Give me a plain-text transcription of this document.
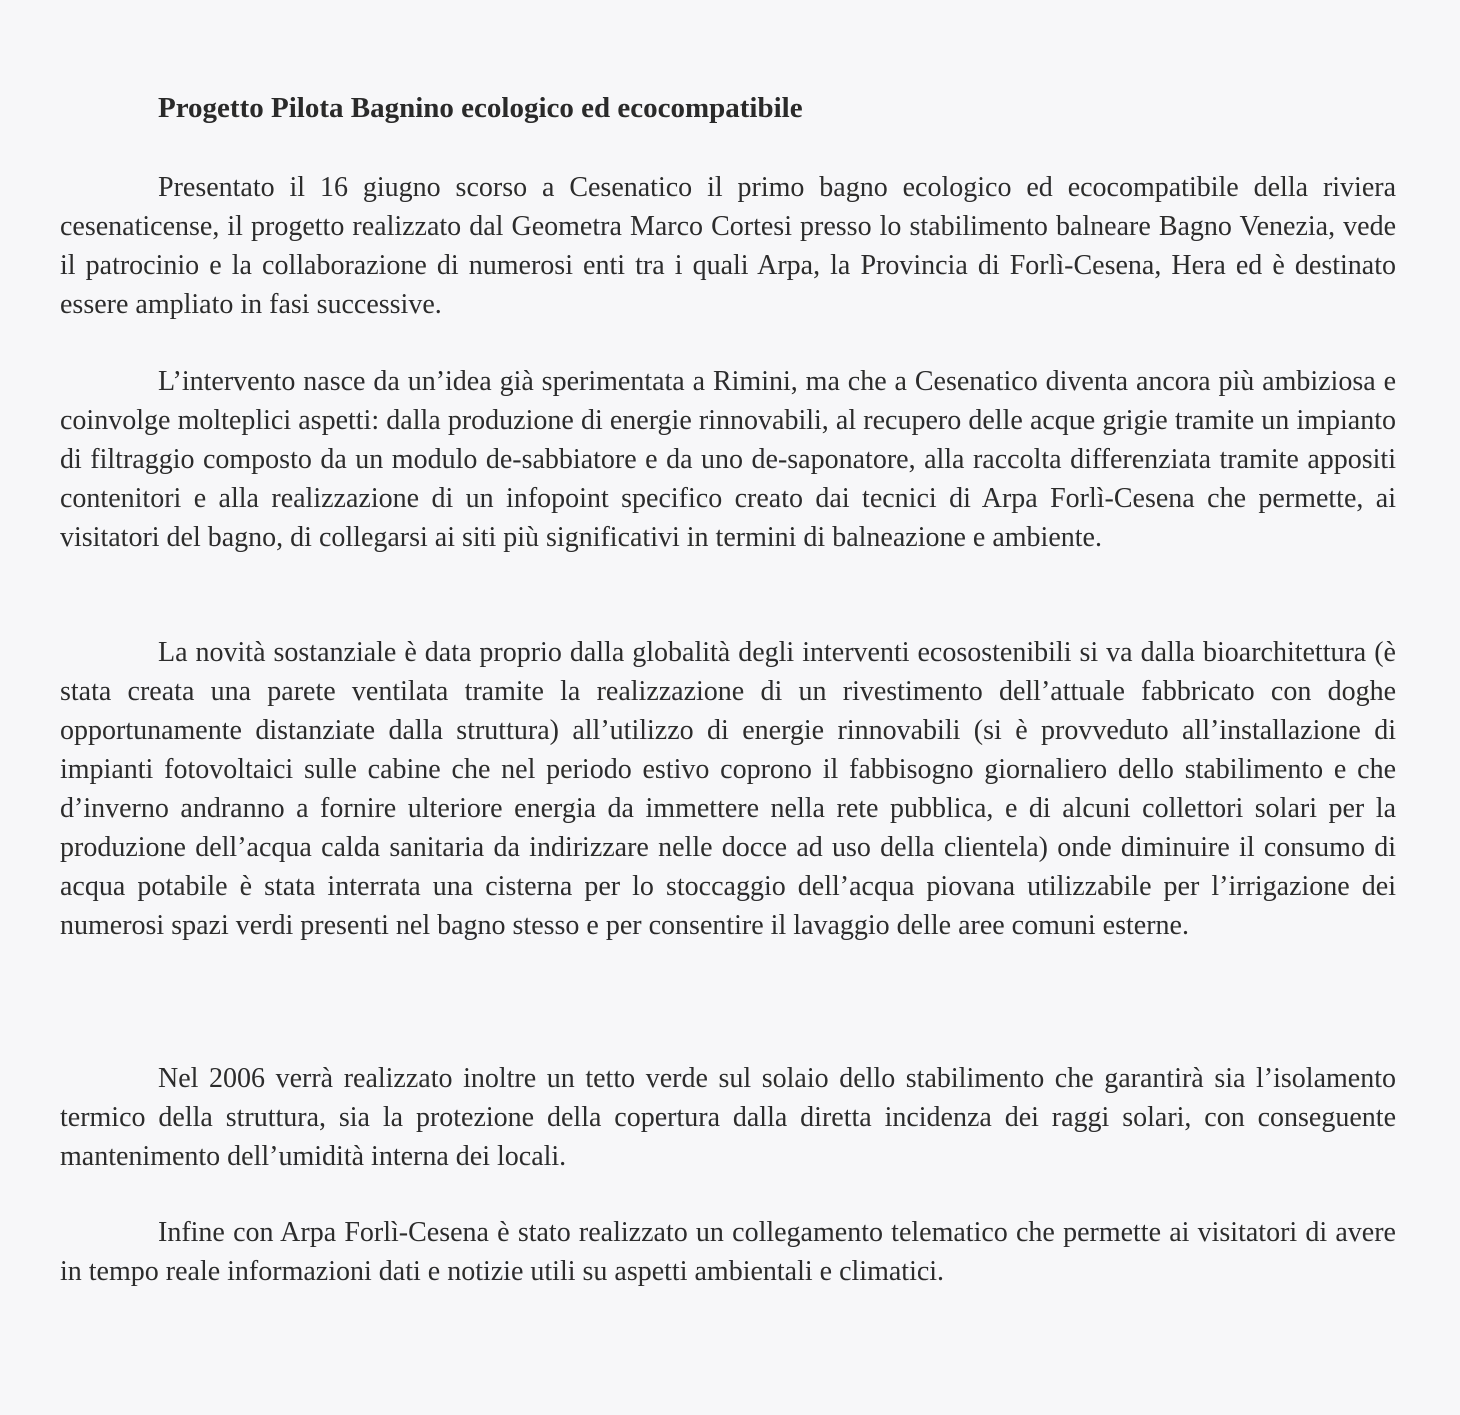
Progetto Pilota Bagnino ecologico ed ecocompatibile

Presentato il 16 giugno scorso a Cesenatico il primo bagno ecologico ed ecocompatibile della riviera cesenaticense, il progetto realizzato dal Geometra Marco Cortesi presso lo stabilimento balneare Bagno Venezia, vede il patrocinio e la collaborazione di numerosi enti tra i quali Arpa, la Provincia di Forlì-Cesena, Hera ed è destinato essere ampliato in fasi successive.

L’intervento nasce da un’idea già sperimentata a Rimini, ma che a Cesenatico diventa ancora più ambiziosa e coinvolge molteplici aspetti: dalla produzione di energie rinnovabili, al recupero delle acque grigie tramite un impianto di filtraggio composto da un modulo de-sabbiatore e da uno de-saponatore, alla raccolta differenziata tramite appositi contenitori e alla realizzazione di un infopoint specifico creato dai tecnici di Arpa Forlì-Cesena che permette, ai visitatori del bagno, di collegarsi ai siti più significativi in termini di balneazione e ambiente.

La novità sostanziale è data proprio dalla globalità degli interventi ecosostenibili si va dalla bioarchitettura (è stata creata una parete ventilata tramite la realizzazione di un rivestimento dell’attuale fabbricato con doghe opportunamente distanziate dalla struttura) all’utilizzo di energie rinnovabili (si è provveduto all’installazione di impianti fotovoltaici sulle cabine che nel periodo estivo coprono il fabbisogno giornaliero dello stabilimento e che d’inverno andranno a fornire ulteriore energia da immettere nella rete pubblica, e di alcuni collettori solari per la produzione dell’acqua calda sanitaria da indirizzare nelle docce ad uso della clientela) onde diminuire il consumo di acqua potabile è stata interrata una cisterna per lo stoccaggio dell’acqua piovana utilizzabile per l’irrigazione dei numerosi spazi verdi presenti nel bagno stesso e per consentire il lavaggio delle aree comuni esterne.

Nel 2006 verrà realizzato inoltre un tetto verde sul solaio dello stabilimento che garantirà sia l’isolamento termico della struttura, sia la protezione della copertura dalla diretta incidenza dei raggi solari, con conseguente mantenimento dell’umidità interna dei locali.

Infine con Arpa Forlì-Cesena è stato realizzato un collegamento telematico che permette ai visitatori di avere in tempo reale informazioni dati e notizie utili su aspetti ambientali e climatici.
